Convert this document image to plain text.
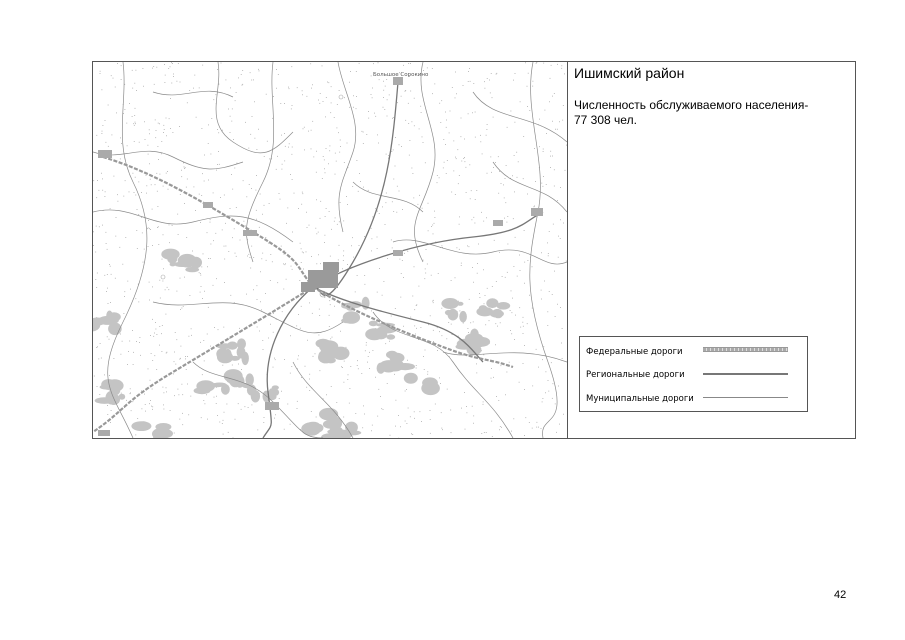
Большое Сорокино	Ишимский район
Численность обслуживаемого населения-
77 308 чел.
Федеральные дороги
Региональные дороги
Муниципальные дороги
42
